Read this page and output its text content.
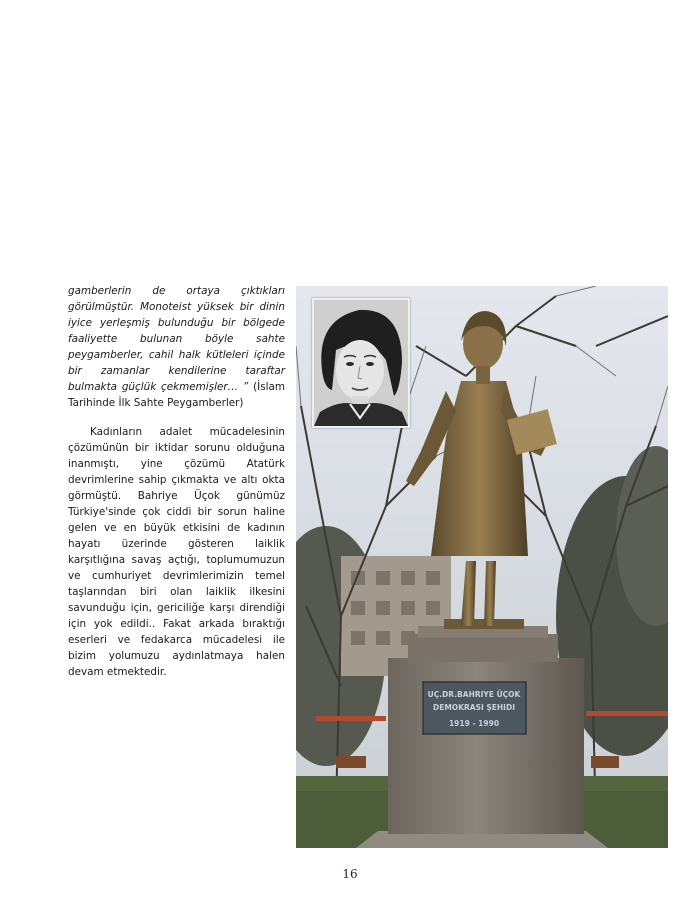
gamberlerin de ortaya çıktıkları görülmüştür. Monoteist yüksek bir dinin iyice yerleşmiş bulunduğu bir bölgede faaliyette bulunan böyle sahte peygamberler, cahil halk kütleleri içinde bir zamanlar kendilerine taraftar bulmakta güçlük çekmemişler… ” (İslam Tarihinde İlk Sahte Peygamberler)

Kadınların adalet mücadelesinin çözümünün bir iktidar sorunu olduğuna inanmıştı, yine çözümü Atatürk devrimlerine sahip çıkmakta ve altı okta görmüştü. Bahriye Üçok günümüz Türkiye'sinde çok ciddi bir sorun haline gelen ve en büyük etkisini de kadının hayatı üzerinde gösteren laiklik karşıtlığına savaş açtığı, toplumumuzun ve cumhuriyet devrimlerimizin temel taşlarından biri olan laiklik ilkesini savunduğu için, gericiliğe karşı direndiği için yok edildi.. Fakat arkada bıraktığı eserleri ve fedakarca mücadelesi ile bizim yolumuzu aydınlatmaya halen devam etmektedir.

UÇ.DR.BAHRIYE ÜÇOK
DEMOKRASI ŞEHIDI
1919 - 1990
16
